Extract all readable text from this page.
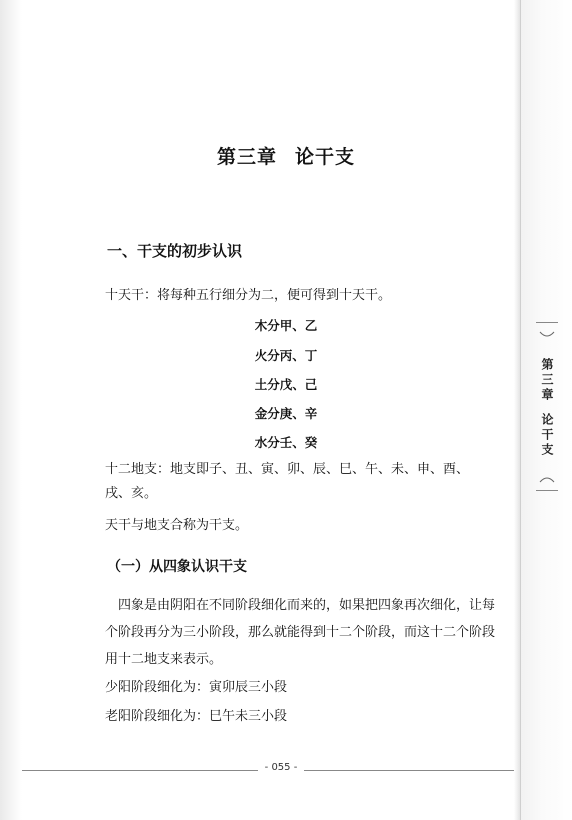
第三章 论干支
一、干支的初步认识

十天干：将每种五行细分为二，便可得到十天干。

木分甲、乙
火分丙、丁
土分戊、己
金分庚、辛
水分壬、癸

十二地支：地支即子、丑、寅、卯、辰、巳、午、未、申、酉、戌、亥。

天干与地支合称为干支。

（一）从四象认识干支

四象是由阴阳在不同阶段细化而来的，如果把四象再次细化，让每个阶段再分为三小阶段，那么就能得到十二个阶段，而这十二个阶段用十二地支来表示。

少阳阶段细化为：寅卯辰三小段

老阳阶段细化为：巳午未三小段

- 055 -
第三章论干支
